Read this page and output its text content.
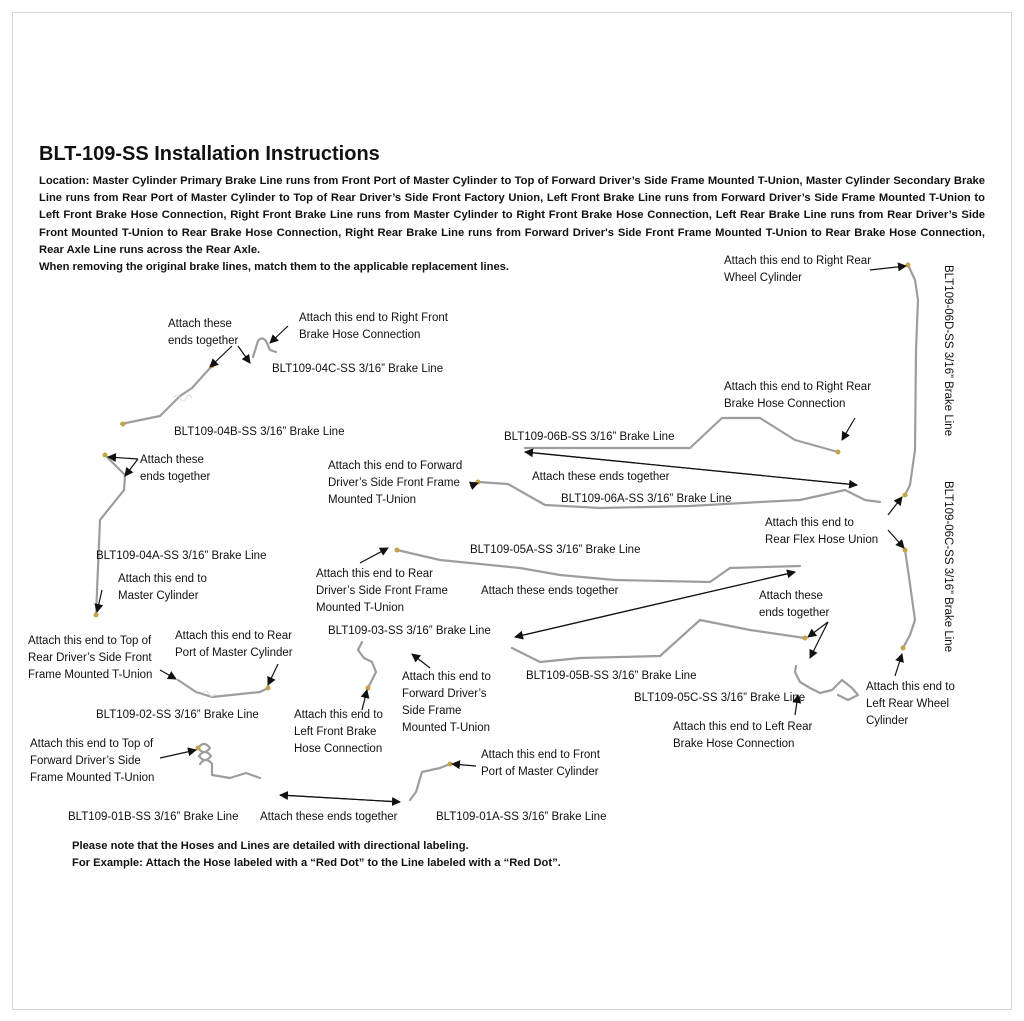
BLT-109-SS Installation Instructions

Location: Master Cylinder Primary Brake Line runs from Front Port of Master Cylinder to Top of Forward Driver’s Side Frame Mounted T-Union, Master Cylinder Secondary Brake Line runs from Rear Port of Master Cylinder to Top of Rear Driver’s Side Front Factory Union, Left Front Brake Line runs from Forward Driver’s Side Frame Mounted T-Union to Left Front Brake Hose Connection, Right Front Brake Line runs from Master Cylinder to Right Front Brake Hose Connection, Left Rear Brake Line runs from Rear Driver’s Side Front Mounted T-Union to Rear Brake Hose Connection, Right Rear Brake Line runs from Forward Driver's Side Front Frame Mounted T-Union to Rear Brake Hose Connection, Rear Axle Line runs across the Rear Axle.

When removing the original brake lines, match them to the applicable replacement lines.

Attach this end to Right Rear
Wheel Cylinder
Attach this end to Right Front
Brake Hose Connection
Attach these
ends together
BLT109-04C-SS 3/16” Brake Line
Attach this end to Right Rear
Brake Hose Connection
BLT109-04B-SS 3/16” Brake Line	BLT109-06B-SS 3/16” Brake Line
Attach these
ends together
Attach this end to Forward
Driver’s Side Front Frame
Mounted T-Union
Attach these ends together
BLT109-06A-SS 3/16” Brake Line
Attach this end to
Rear Flex Hose Union
BLT109-05A-SS 3/16” Brake Line
BLT109-04A-SS 3/16” Brake Line
Attach this end to
Master Cylinder
Attach this end to Rear
Driver’s Side Front Frame
Mounted T-Union
Attach these ends together	Attach these
ends together
BLT109-03-SS 3/16” Brake Line
Attach this end to Top of
Rear Driver’s Side Front
Frame Mounted T-Union
Attach this end to Rear
Port of Master Cylinder
BLT109-05B-SS 3/16” Brake Line
Attach this end to
Forward Driver’s
Side Frame
Mounted T-Union
Attach this end to
Left Rear Wheel
Cylinder
BLT109-05C-SS 3/16” Brake Line
BLT109-02-SS 3/16” Brake Line	Attach this end to
Left Front Brake
Hose Connection
Attach this end to Left Rear
Brake Hose Connection
Attach this end to Top of
Forward Driver’s Side
Frame Mounted T-Union
Attach this end to Front
Port of Master Cylinder
BLT109-01B-SS 3/16” Brake Line Attach these ends together	BLT109-01A-SS 3/16” Brake Line
BLT109-06D-SS 3/16” Brake Line
BLT109-06C-SS 3/16” Brake Line

Please note that the Hoses and Lines are detailed with directional labeling.

For Example: Attach the Hose labeled with a “Red Dot” to the Line labeled with a “Red Dot”.
